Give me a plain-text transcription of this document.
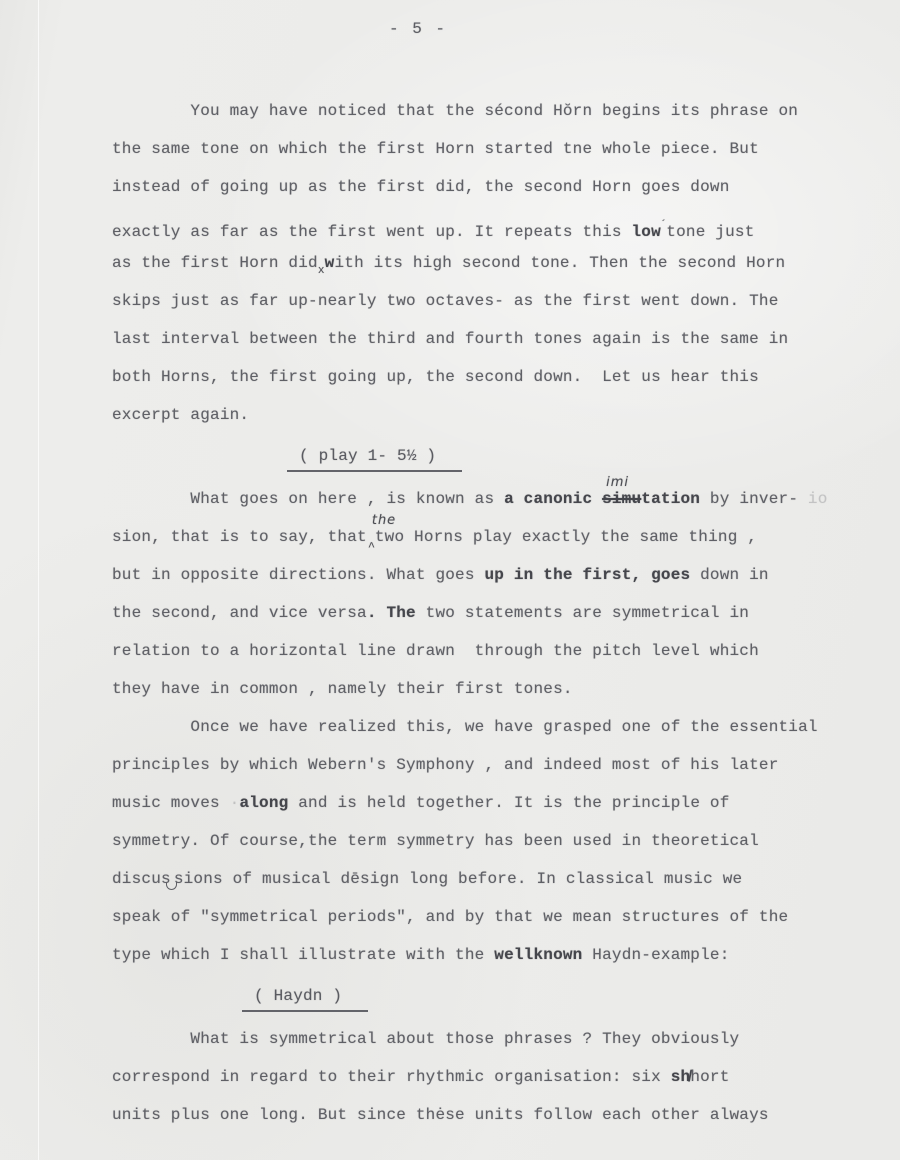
- 5 -
You may have noticed that the sécond Hŏrn begins its phrase on
the same tone on which the first Horn started tne whole piece. But
instead of going up as the first did, the second Horn goes down
exactly as far as the first went up. It repeats this low´tone just
as the first Horn did$_x$with its high second tone. Then the second Horn
skips just as far up-nearly two octaves- as the first went down. The
last interval between the third and fourth tones again is the same in
both Horns, the first going up, the second down.  Let us hear this
excerpt again.
( play 1- 5½ )
What goes on here , is known as a canonic simu
imi
tation by inver- io
sion, that is to say, that^
the
two Horns play exactly the same thing ,
but in opposite directions. What goes up in the first, goes down in
the second, and vice versa. The two statements are symmetrical in
relation to a horizontal line drawn  through the pitch level which
they have in common , namely their first tones.
Once we have realized this, we have grasped one of the essential
principles by which Webern's Symphony , and indeed most of his later
music moves ·along and is held together. It is the principle of
symmetry. Of course,the term symmetry has been used in theoretical
discus sions of musical dēsign long before. In classical music we
speak of "symmetrical periods", and by that we mean structures of the
type which I shall illustrate with the wellknown Haydn-example:
( Haydn )
What is symmetrical about those phrases ? They obviously
correspond in regard to their rhythmic organisation: six sh̸hort
units plus one long. But since thėse units follow each other always
